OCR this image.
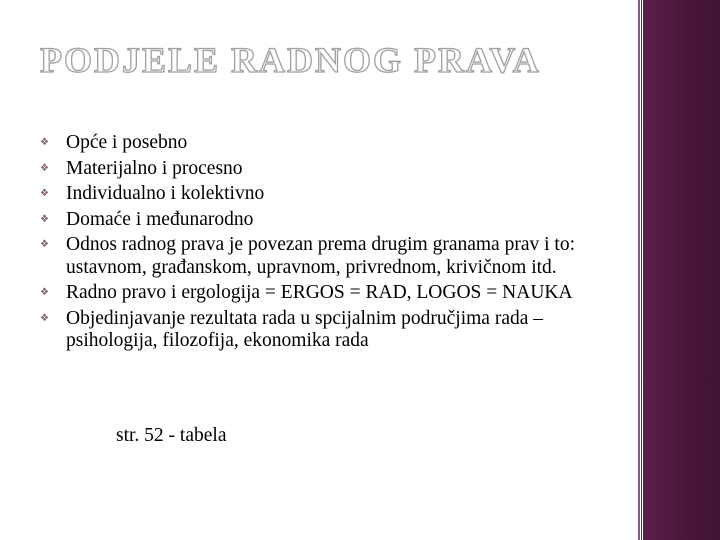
PODJELE RADNOG PRAVA
❖ Opće i posebno
❖ Materijalno i procesno
❖ Individualno i kolektivno
❖ Domaće i međunarodno
❖ Odnos radnog prava je povezan prema drugim granama prav i to: ustavnom, građanskom, upravnom, privrednom, krivičnom itd.
❖ Radno pravo i ergologija = ERGOS = RAD, LOGOS = NAUKA
❖ Objedinjavanje rezultata rada u spcijalnim područjima rada – psihologija, filozofija, ekonomika rada
str. 52 - tabela
